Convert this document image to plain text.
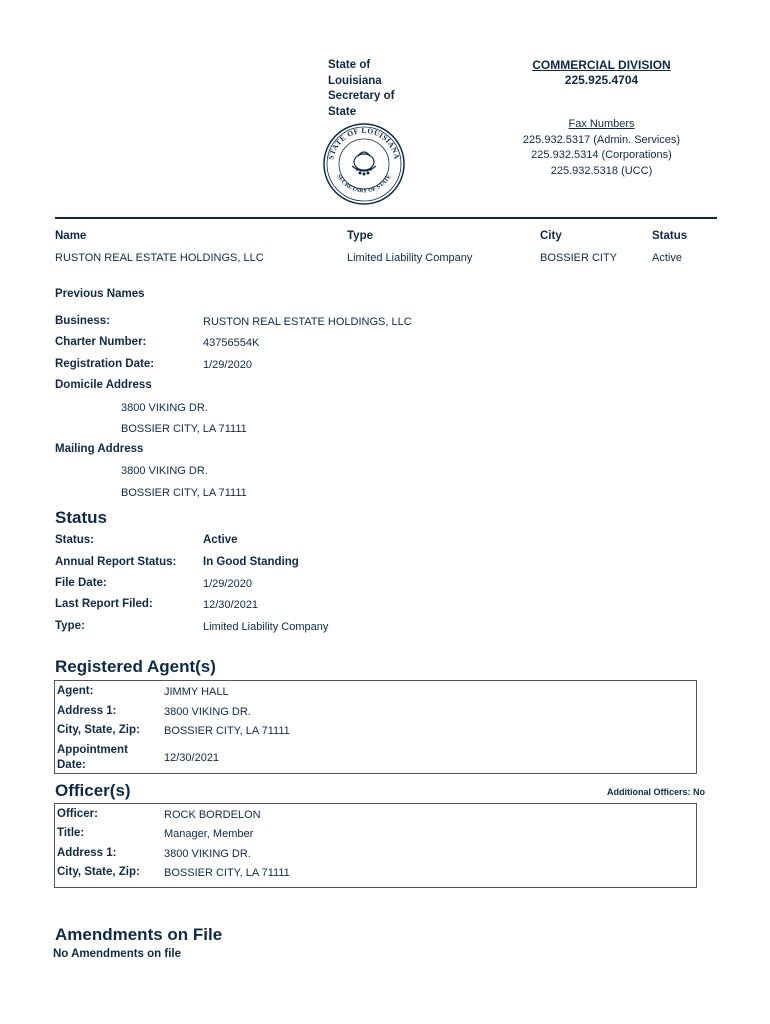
State of
Louisiana
Secretary of
State
STATE OF LOUISIANA
SECRETARY OF STATE
COMMERCIAL DIVISION
225.925.4704
Fax Numbers
225.932.5317 (Admin. Services)
225.932.5314 (Corporations)
225.932.5318 (UCC)
Name	Type	City	Status
RUSTON REAL ESTATE HOLDINGS, LLC	Limited Liability Company	BOSSIER CITY	Active
Previous Names
Business:	RUSTON REAL ESTATE HOLDINGS, LLC
Charter Number:	43756554K
Registration Date:	1/29/2020
Domicile Address
3800 VIKING DR.
BOSSIER CITY, LA 71111
Mailing Address
3800 VIKING DR.
BOSSIER CITY, LA 71111
Status
Status:	Active
Annual Report Status: In Good Standing
File Date:	1/29/2020
Last Report Filed:	12/30/2021
Type:	Limited Liability Company
Registered Agent(s)
Agent:	JIMMY HALL
Address 1:	3800 VIKING DR.
City, State, Zip: BOSSIER CITY, LA 71111
Appointment
Date:
12/30/2021
Officer(s)	Additional Officers: No
Officer:	ROCK BORDELON
Title:	Manager, Member
Address 1:	3800 VIKING DR.
City, State, Zip: BOSSIER CITY, LA 71111
Amendments on File
No Amendments on file
